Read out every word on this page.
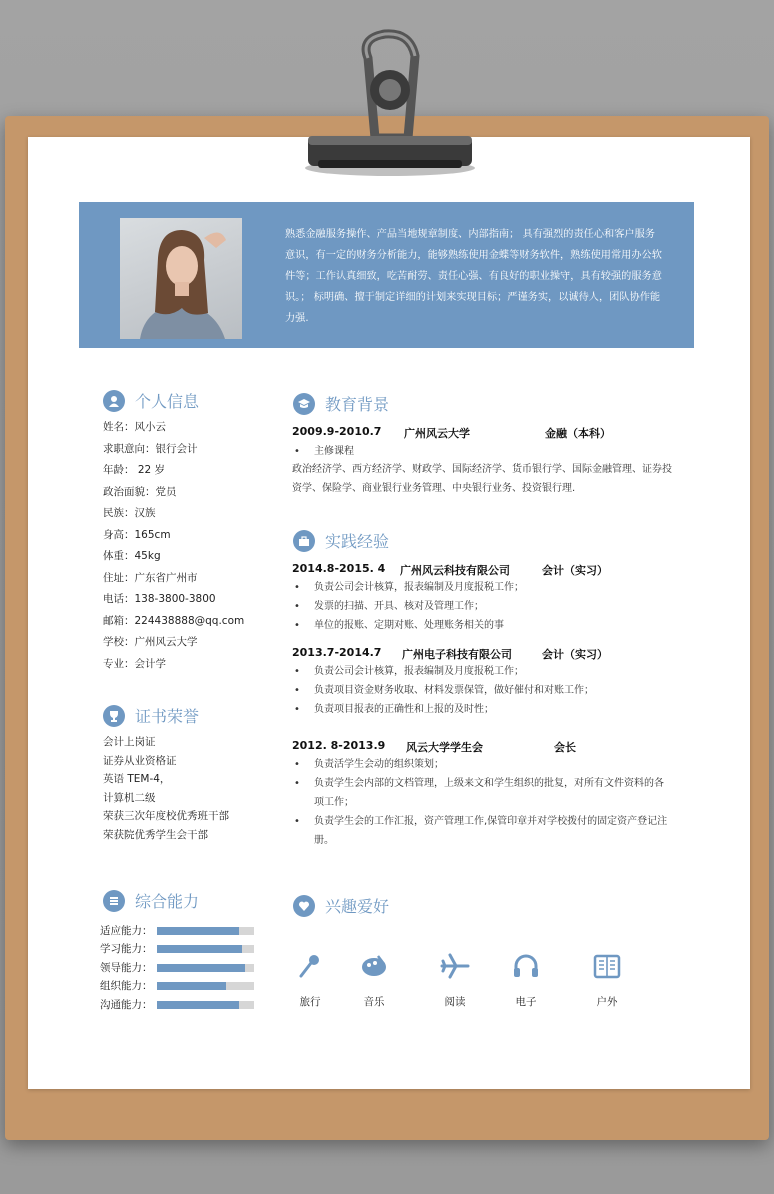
熟悉金融服务操作、产品当地规章制度、内部指南； 具有强烈的责任心和客户服务意识，有一定的财务分析能力，能够熟练使用金蝶等财务软件，熟练使用常用办公软件等；工作认真细致，吃苦耐劳、责任心强、有良好的职业操守，具有较强的服务意识。； 标明确、擅于制定详细的计划来实现目标；严谨务实，以诚待人，团队协作能力强.
个人信息
姓名：风小云
求职意向：银行会计
年龄： 22 岁
政治面貌：党员
民族：汉族
身高：165cm
体重：45kg
住址：广东省广州市
电话：138-3800-3800
邮箱：224438888@qq.com
学校：广州风云大学
专业：会计学
证书荣誉
会计上岗证
证券从业资格证
英语 TEM-4，
计算机二级
荣获三次年度校优秀班干部
荣获院优秀学生会干部
综合能力
适应能力：
学习能力：
领导能力：
组织能力：
沟通能力：
教育背景
2009.9-2010.7 广州风云大学	金融（本科）
• 主修课程
政治经济学、西方经济学、财政学、国际经济学、货币银行学、国际金融管理、证券投资学、保险学、商业银行业务管理、中央银行业务、投资银行理.
实践经验
2014.8-2015. 4 广州风云科技有限公司	会计（实习）
• 负责公司会计核算，报表编制及月度报税工作；
• 发票的扫描、开具、核对及管理工作；
• 单位的报账、定期对账、处理账务相关的事
2013.7-2014.7 广州电子科技有限公司	会计（实习）
• 负责公司会计核算，报表编制及月度报税工作；
• 负责项目资金财务收取、材料发票保管，做好催付和对账工作；
• 负责项目报表的正确性和上报的及时性；
2012. 8-2013.9 风云大学学生会	会长
• 负责活学生会动的组织策划；
• 负责学生会内部的文档管理，上级来文和学生组织的批复，对所有文件资料的各项工作；
• 负责学生会的工作汇报，资产管理工作,保管印章并对学校拨付的固定资产登记注册。
兴趣爱好
旅行	音乐	阅读	电子	户外
